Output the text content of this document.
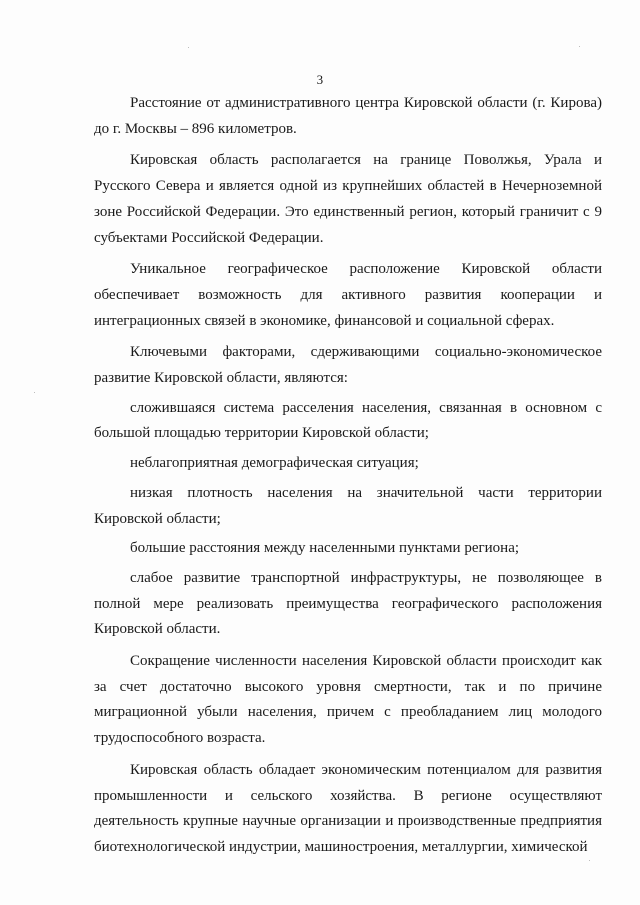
3

Расстояние от административного центра Кировской области (г. Кирова) до г. Москвы – 896 километров.

Кировская область располагается на границе Поволжья, Урала и Русского Севера и является одной из крупнейших областей в Нечерноземной зоне Российской Федерации. Это единственный регион, который граничит с 9 субъектами Российской Федерации.

Уникальное географическое расположение Кировской области обеспечивает возможность для активного развития кооперации и интеграционных связей в экономике, финансовой и социальной сферах.

Ключевыми факторами, сдерживающими социально-экономическое развитие Кировской области, являются:

сложившаяся система расселения населения, связанная в основном с большой площадью территории Кировской области;

неблагоприятная демографическая ситуация;

низкая плотность населения на значительной части территории Кировской области;

большие расстояния между населенными пунктами региона;

слабое развитие транспортной инфраструктуры, не позволяющее в полной мере реализовать преимущества географического расположения Кировской области.

Сокращение численности населения Кировской области происходит как за счет достаточно высокого уровня смертности, так и по причине миграционной убыли населения, причем с преобладанием лиц молодого трудоспособного возраста.

Кировская область обладает экономическим потенциалом для развития промышленности и сельского хозяйства. В регионе осуществляют деятельность крупные научные организации и производственные предприятия биотехнологической индустрии, машиностроения, металлургии, химической
